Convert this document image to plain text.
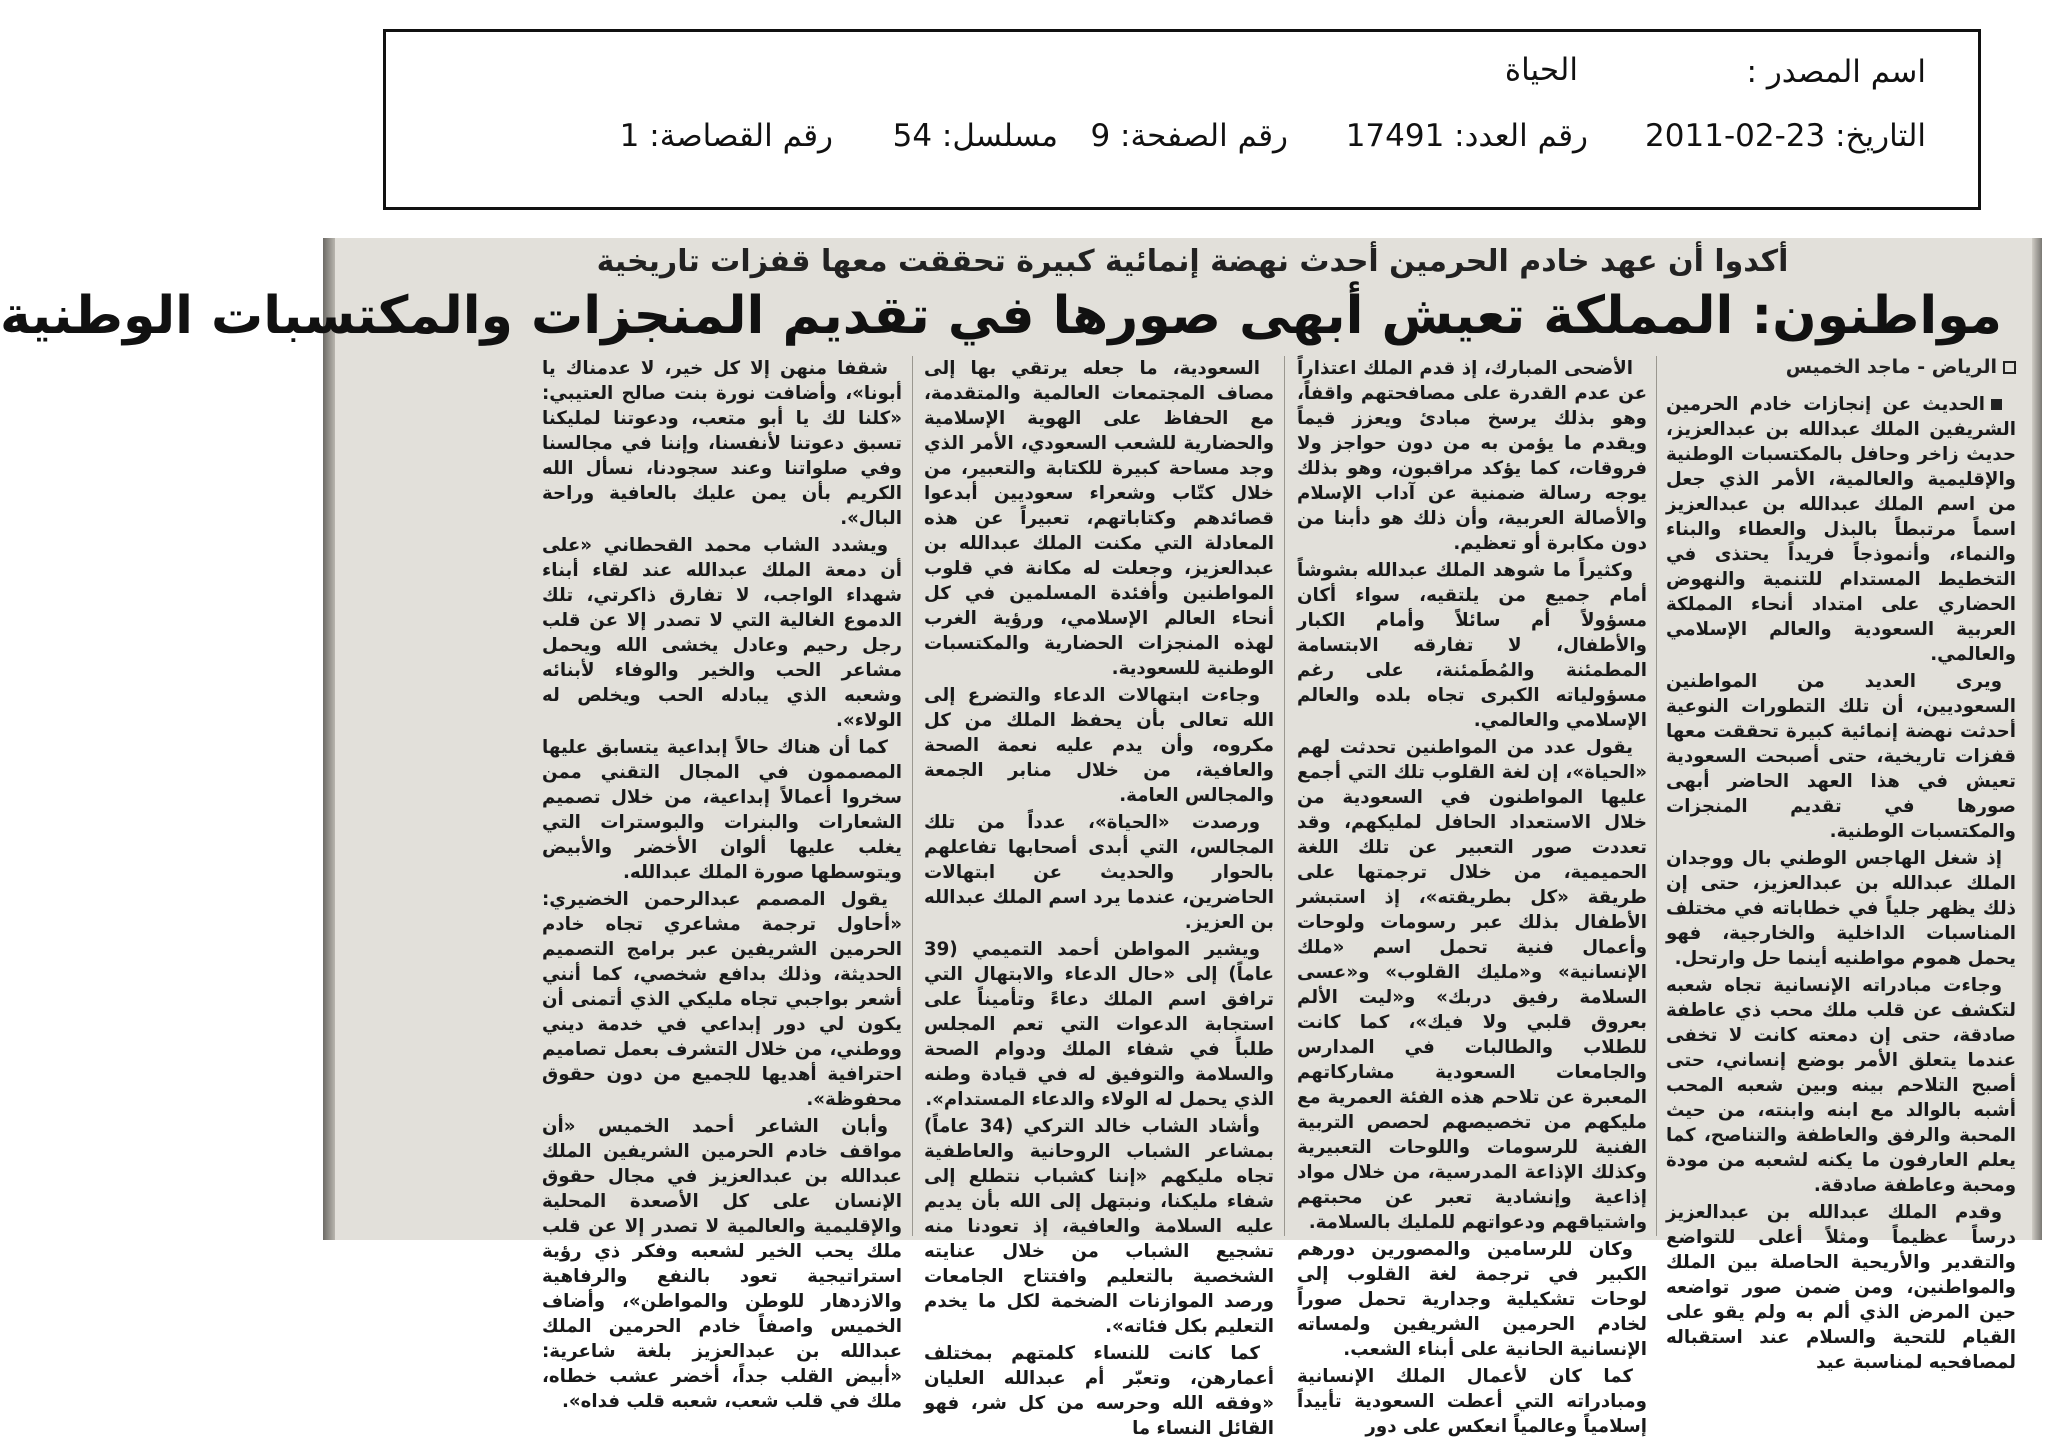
اسم المصدر :
الحياة
التاريخ: 23-02-2011
رقم العدد: 17491
رقم الصفحة: 9
مسلسل: 54
رقم القصاصة: 1
أكدوا أن عهد خادم الحرمين أحدث نهضة إنمائية كبيرة تحققت معها قفزات تاريخية
مواطنون: المملكة تعيش أبهى صورها في تقديم المنجزات والمكتسبات الوطنية
الرياض - ماجد الخميس

الحديث عن إنجازات خادم الحرمين الشريفين الملك عبدالله بن عبدالعزيز، حديث زاخر وحافل بالمكتسبات الوطنية والإقليمية والعالمية، الأمر الذي جعل من اسم الملك عبدالله بن عبدالعزيز اسماً مرتبطاً بالبذل والعطاء والبناء والنماء، وأنموذجاً فريداً يحتذى في التخطيط المستدام للتنمية والنهوض الحضاري على امتداد أنحاء المملكة العربية السعودية والعالم الإسلامي والعالمي.

ويرى العديد من المواطنين السعوديين، أن تلك التطورات النوعية أحدثت نهضة إنمائية كبيرة تحققت معها قفزات تاريخية، حتى أصبحت السعودية تعيش في هذا العهد الحاضر أبهى صورها في تقديم المنجزات والمكتسبات الوطنية.

إذ شغل الهاجس الوطني بال ووجدان الملك عبدالله بن عبدالعزيز، حتى إن ذلك يظهر جلياً في خطاباته في مختلف المناسبات الداخلية والخارجية، فهو يحمل هموم مواطنيه أينما حل وارتحل.

وجاءت مبادراته الإنسانية تجاه شعبه لتكشف عن قلب ملك محب ذي عاطفة صادقة، حتى إن دمعته كانت لا تخفى عندما يتعلق الأمر بوضع إنساني، حتى أصبح التلاحم بينه وبين شعبه المحب أشبه بالوالد مع ابنه وابنته، من حيث المحبة والرفق والعاطفة والتناصح، كما يعلم العارفون ما يكنه لشعبه من مودة ومحبة وعاطفة صادقة.

وقدم الملك عبدالله بن عبدالعزيز درساً عظيماً ومثلاً أعلى للتواضع والتقدير والأريحية الحاصلة بين الملك والمواطنين، ومن ضمن صور تواضعه حين المرض الذي ألم به ولم يقو على القيام للتحية والسلام عند استقباله لمصافحيه لمناسبة عيد

الأضحى المبارك، إذ قدم الملك اعتذاراً عن عدم القدرة على مصافحتهم واقفاً، وهو بذلك يرسخ مبادئ ويعزز قيماً ويقدم ما يؤمن به من دون حواجز ولا فروقات، كما يؤكد مراقبون، وهو بذلك يوجه رسالة ضمنية عن آداب الإسلام والأصالة العربية، وأن ذلك هو دأبنا من دون مكابرة أو تعظيم.

وكثيراً ما شوهد الملك عبدالله بشوشاً أمام جميع من يلتقيه، سواء أكان مسؤولاً أم سائلاً وأمام الكبار والأطفال، لا تفارقه الابتسامة المطمئنة والمُطَمئنة، على رغم مسؤولياته الكبرى تجاه بلده والعالم الإسلامي والعالمي.

يقول عدد من المواطنين تحدثت لهم «الحياة»، إن لغة القلوب تلك التي أجمع عليها المواطنون في السعودية من خلال الاستعداد الحافل لمليكهم، وقد تعددت صور التعبير عن تلك اللغة الحميمية، من خلال ترجمتها على طريقة «كل بطريقته»، إذ استبشر الأطفال بذلك عبر رسومات ولوحات وأعمال فنية تحمل اسم «ملك الإنسانية» و«مليك القلوب» و«عسى السلامة رفيق دربك» و«ليت الألم بعروق قلبي ولا فيك»، كما كانت للطلاب والطالبات في المدارس والجامعات السعودية مشاركاتهم المعبرة عن تلاحم هذه الفئة العمرية مع مليكهم من تخصيصهم لحصص التربية الفنية للرسومات واللوحات التعبيرية وكذلك الإذاعة المدرسية، من خلال مواد إذاعية وإنشادية تعبر عن محبتهم واشتياقهم ودعواتهم للمليك بالسلامة.

وكان للرسامين والمصورين دورهم الكبير في ترجمة لغة القلوب إلى لوحات تشكيلية وجدارية تحمل صوراً لخادم الحرمين الشريفين ولمساته الإنسانية الحانية على أبناء الشعب.

كما كان لأعمال الملك الإنسانية ومبادراته التي أعطت السعودية تأييداً إسلامياً وعالمياً انعكس على دور

السعودية، ما جعله يرتقي بها إلى مصاف المجتمعات العالمية والمتقدمة، مع الحفاظ على الهوية الإسلامية والحضارية للشعب السعودي، الأمر الذي وجد مساحة كبيرة للكتابة والتعبير، من خلال كتّاب وشعراء سعوديين أبدعوا قصائدهم وكتاباتهم، تعبيراً عن هذه المعادلة التي مكنت الملك عبدالله بن عبدالعزيز، وجعلت له مكانة في قلوب المواطنين وأفئدة المسلمين في كل أنحاء العالم الإسلامي، ورؤية الغرب لهذه المنجزات الحضارية والمكتسبات الوطنية للسعودية.

وجاءت ابتهالات الدعاء والتضرع إلى الله تعالى بأن يحفظ الملك من كل مكروه، وأن يدم عليه نعمة الصحة والعافية، من خلال منابر الجمعة والمجالس العامة.

ورصدت «الحياة»، عدداً من تلك المجالس، التي أبدى أصحابها تفاعلهم بالحوار والحديث عن ابتهالات الحاضرين، عندما يرد اسم الملك عبدالله بن العزيز.

ويشير المواطن أحمد التميمي (39 عاماً) إلى «حال الدعاء والابتهال التي ترافق اسم الملك دعاءً وتأميناً على استجابة الدعوات التي تعم المجلس طلباً في شفاء الملك ودوام الصحة والسلامة والتوفيق له في قيادة وطنه الذي يحمل له الولاء والدعاء المستدام».

وأشاد الشاب خالد التركي (34 عاماً) بمشاعر الشباب الروحانية والعاطفية تجاه مليكهم «إننا كشباب نتطلع إلى شفاء مليكنا، ونبتهل إلى الله بأن يديم عليه السلامة والعافية، إذ تعودنا منه تشجيع الشباب من خلال عنايته الشخصية بالتعليم وافتتاح الجامعات ورصد الموازنات الضخمة لكل ما يخدم التعليم بكل فئاته».

كما كانت للنساء كلمتهم بمختلف أعمارهن، وتعبّر أم عبدالله العليان «وفقه الله وحرسه من كل شر، فهو القائل النساء ما

شقفا منهن إلا كل خير، لا عدمناك يا أبونا»، وأضافت نورة بنت صالح العتيبي: «كلنا لك يا أبو متعب، ودعوتنا لمليكنا تسبق دعوتنا لأنفسنا، وإننا في مجالسنا وفي صلواتنا وعند سجودنا، نسأل الله الكريم بأن يمن عليك بالعافية وراحة البال».

ويشدد الشاب محمد القحطاني «على أن دمعة الملك عبدالله عند لقاء أبناء شهداء الواجب، لا تفارق ذاكرتي، تلك الدموع الغالية التي لا تصدر إلا عن قلب رجل رحيم وعادل يخشى الله ويحمل مشاعر الحب والخير والوفاء لأبنائه وشعبه الذي يبادله الحب ويخلص له الولاء».

كما أن هناك حالاً إبداعية يتسابق عليها المصممون في المجال التقني ممن سخروا أعمالاً إبداعية، من خلال تصميم الشعارات والبنرات والبوسترات التي يغلب عليها ألوان الأخضر والأبيض ويتوسطها صورة الملك عبدالله.

يقول المصمم عبدالرحمن الخضيري: «أحاول ترجمة مشاعري تجاه خادم الحرمين الشريفين عبر برامج التصميم الحديثة، وذلك بدافع شخصي، كما أنني أشعر بواجبي تجاه مليكي الذي أتمنى أن يكون لي دور إبداعي في خدمة ديني ووطني، من خلال التشرف بعمل تصاميم احترافية أهديها للجميع من دون حقوق محفوظة».

وأبان الشاعر أحمد الخميس «أن مواقف خادم الحرمين الشريفين الملك عبدالله بن عبدالعزيز في مجال حقوق الإنسان على كل الأصعدة المحلية والإقليمية والعالمية لا تصدر إلا عن قلب ملك يحب الخير لشعبه وفكر ذي رؤية استراتيجية تعود بالنفع والرفاهية والازدهار للوطن والمواطن»، وأضاف الخميس واصفاً خادم الحرمين الملك عبدالله بن عبدالعزيز بلغة شاعرية: «أبيض القلب جداً، أخضر عشب خطاه، ملك في قلب شعب، شعبه قلب فداه».
